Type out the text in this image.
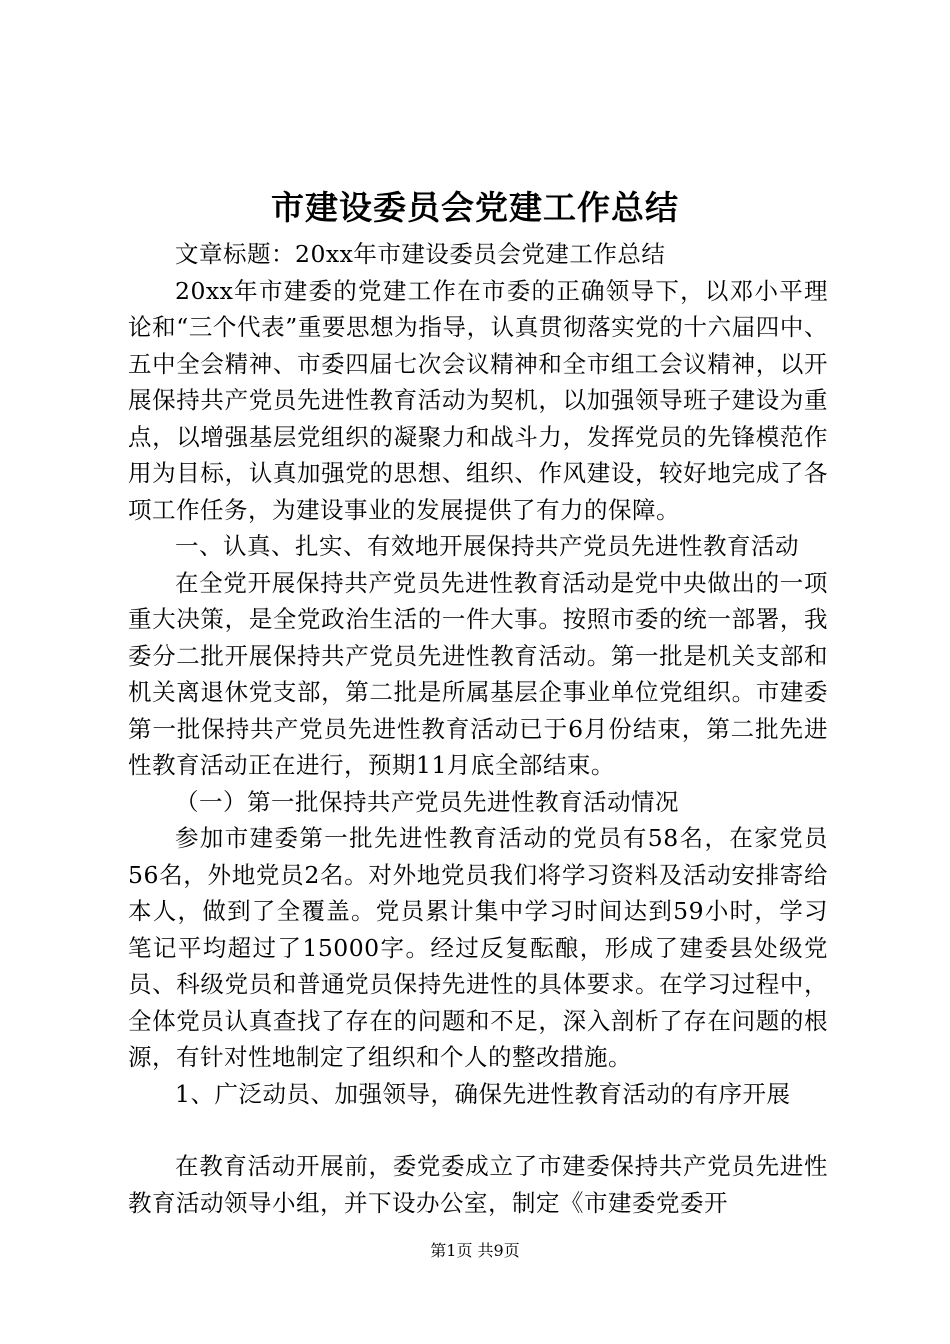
市建设委员会党建工作总结

文章标题：20xx年市建设委员会党建工作总结

20xx年市建委的党建工作在市委的正确领导下，以邓小平理论和“三个代表”重要思想为指导，认真贯彻落实党的十六届四中、五中全会精神、市委四届七次会议精神和全市组工会议精神，以开展保持共产党员先进性教育活动为契机，以加强领导班子建设为重点，以增强基层党组织的凝聚力和战斗力，发挥党员的先锋模范作用为目标，认真加强党的思想、组织、作风建设，较好地完成了各项工作任务，为建设事业的发展提供了有力的保障。

一、认真、扎实、有效地开展保持共产党员先进性教育活动

在全党开展保持共产党员先进性教育活动是党中央做出的一项重大决策，是全党政治生活的一件大事。按照市委的统一部署，我委分二批开展保持共产党员先进性教育活动。第一批是机关支部和机关离退休党支部，第二批是所属基层企事业单位党组织。市建委第一批保持共产党员先进性教育活动已于6月份结束，第二批先进性教育活动正在进行，预期11月底全部结束。

（一）第一批保持共产党员先进性教育活动情况

参加市建委第一批先进性教育活动的党员有58名，在家党员56名，外地党员2名。对外地党员我们将学习资料及活动安排寄给本人，做到了全覆盖。党员累计集中学习时间达到59小时，学习笔记平均超过了15000字。经过反复酝酿，形成了建委县处级党员、科级党员和普通党员保持先进性的具体要求。在学习过程中，全体党员认真查找了存在的问题和不足，深入剖析了存在问题的根源，有针对性地制定了组织和个人的整改措施。

1、广泛动员、加强领导，确保先进性教育活动的有序开展

在教育活动开展前，委党委成立了市建委保持共产党员先进性教育活动领导小组，并下设办公室，制定《市建委党委开

第1页 共9页
